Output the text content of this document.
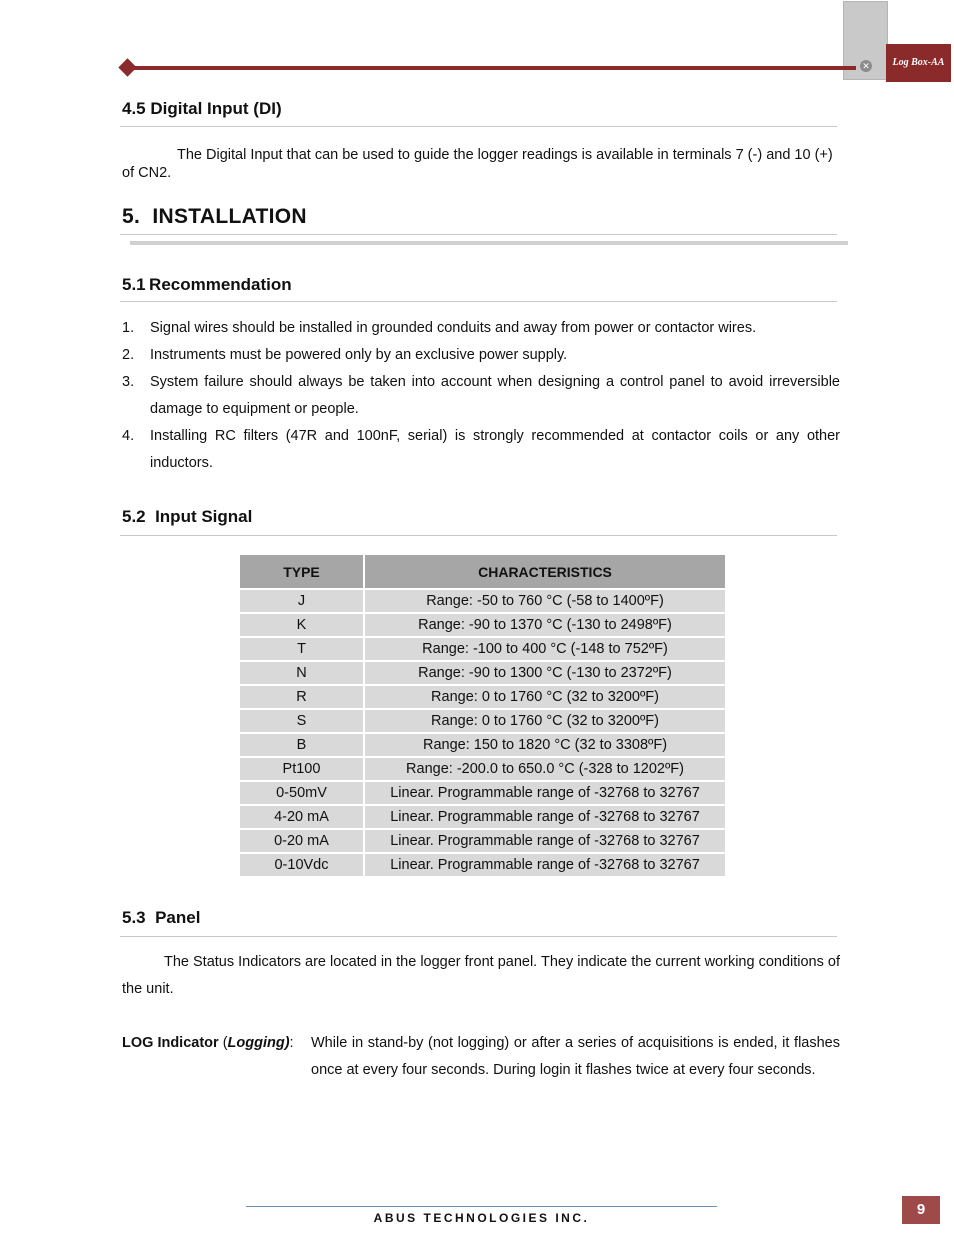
✕	Log Box-AA
4.5 Digital Input (DI)

The Digital Input that can be used to guide the logger readings is available in terminals 7 (-) and 10 (+) of CN2.

5.  INSTALLATION
5.1 Recommendation
1. Signal wires should be installed in grounded conduits and away from power or contactor wires.
2. Instruments must be powered only by an exclusive power supply.
3. System failure should always be taken into account when designing a control panel to avoid irreversible damage to equipment or people.
4. Installing RC filters (47R and 100nF, serial) is strongly recommended at contactor coils or any other inductors.
5.2  Input Signal
TYPE	CHARACTERISTICS
J	Range: -50 to 760 °C (-58 to 1400ºF)
K	Range: -90 to 1370 °C (-130 to 2498ºF)
T	Range: -100 to 400 °C (-148 to 752ºF)
N	Range: -90 to 1300 °C (-130 to 2372ºF)
R	Range: 0 to 1760 °C (32 to 3200ºF)
S	Range: 0 to 1760 °C (32 to 3200ºF)
B	Range: 150 to 1820 °C (32 to 3308ºF)
Pt100	Range: -200.0 to 650.0 °C (-328 to 1202ºF)
0-50mV	Linear. Programmable range of -32768 to 32767
4-20 mA	Linear. Programmable range of -32768 to 32767
0-20 mA	Linear. Programmable range of -32768 to 32767
0-10Vdc	Linear. Programmable range of -32768 to 32767
5.3  Panel

The Status Indicators are located in the logger front panel. They indicate the current working conditions of the unit.

LOG Indicator (Logging):	While in stand-by (not logging) or after a series of acquisitions is ended, it flashes once at every four seconds. During login it flashes twice at every four seconds.

ABUS TECHNOLOGIES INC.	9
